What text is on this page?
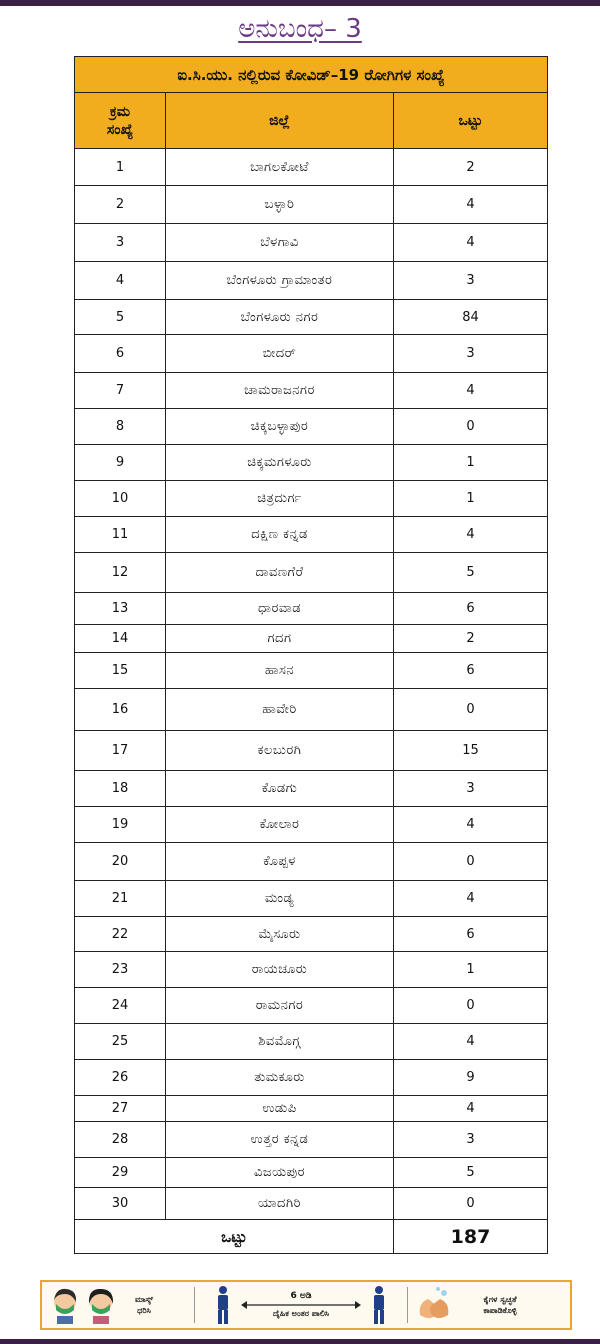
ಅನುಬಂಧ– 3
ಐ.ಸಿ.ಯು. ನಲ್ಲಿರುವ ಕೋವಿಡ್–19 ರೋಗಿಗಳ ಸಂಖ್ಯೆ		

ಕ್ರಮ
ಸಂಖ್ಯೆ	ಜಿಲ್ಲೆ	ಒಟ್ಟು
1	ಬಾಗಲಕೋಟೆ	2
2	ಬಳ್ಳಾರಿ	4
3	ಬೆಳಗಾವಿ	4
4	ಬೆಂಗಳೂರು ಗ್ರಾಮಾಂತರ	3
5	ಬೆಂಗಳೂರು ನಗರ	84
6	ಬೀದರ್	3
7	ಚಾಮರಾಜನಗರ	4
8	ಚಿಕ್ಕಬಳ್ಳಾಪುರ	0
9	ಚಿಕ್ಕಮಗಳೂರು	1
10	ಚಿತ್ರದುರ್ಗ	1
11	ದಕ್ಷಿಣ ಕನ್ನಡ	4
12	ದಾವಣಗೆರೆ	5
13	ಧಾರವಾಡ	6
14	ಗದಗ	2
15	ಹಾಸನ	6
16	ಹಾವೇರಿ	0
17	ಕಲಬುರಗಿ	15
18	ಕೊಡಗು	3
19	ಕೋಲಾರ	4
20	ಕೊಪ್ಪಳ	0
21	ಮಂಡ್ಯ	4
22	ಮೈಸೂರು	6
23	ರಾಯಚೂರು	1
24	ರಾಮನಗರ	0
25	ಶಿವಮೊಗ್ಗ	4
26	ತುಮಕೂರು	9
27	ಉಡುಪಿ	4
28	ಉತ್ತರ ಕನ್ನಡ	3
29	ವಿಜಯಪುರ	5
30	ಯಾದಗಿರಿ	0
ಒಟ್ಟು		187
ಮಾಸ್ಕ್
ಧರಿಸಿ
6 ಅಡಿ
ದೈಹಿಕ ಅಂತರ ಪಾಲಿಸಿ
ಕೈಗಳ ಸ್ವಚ್ಛತೆ
ಕಾಪಾಡಿಕೊಳ್ಳಿ
